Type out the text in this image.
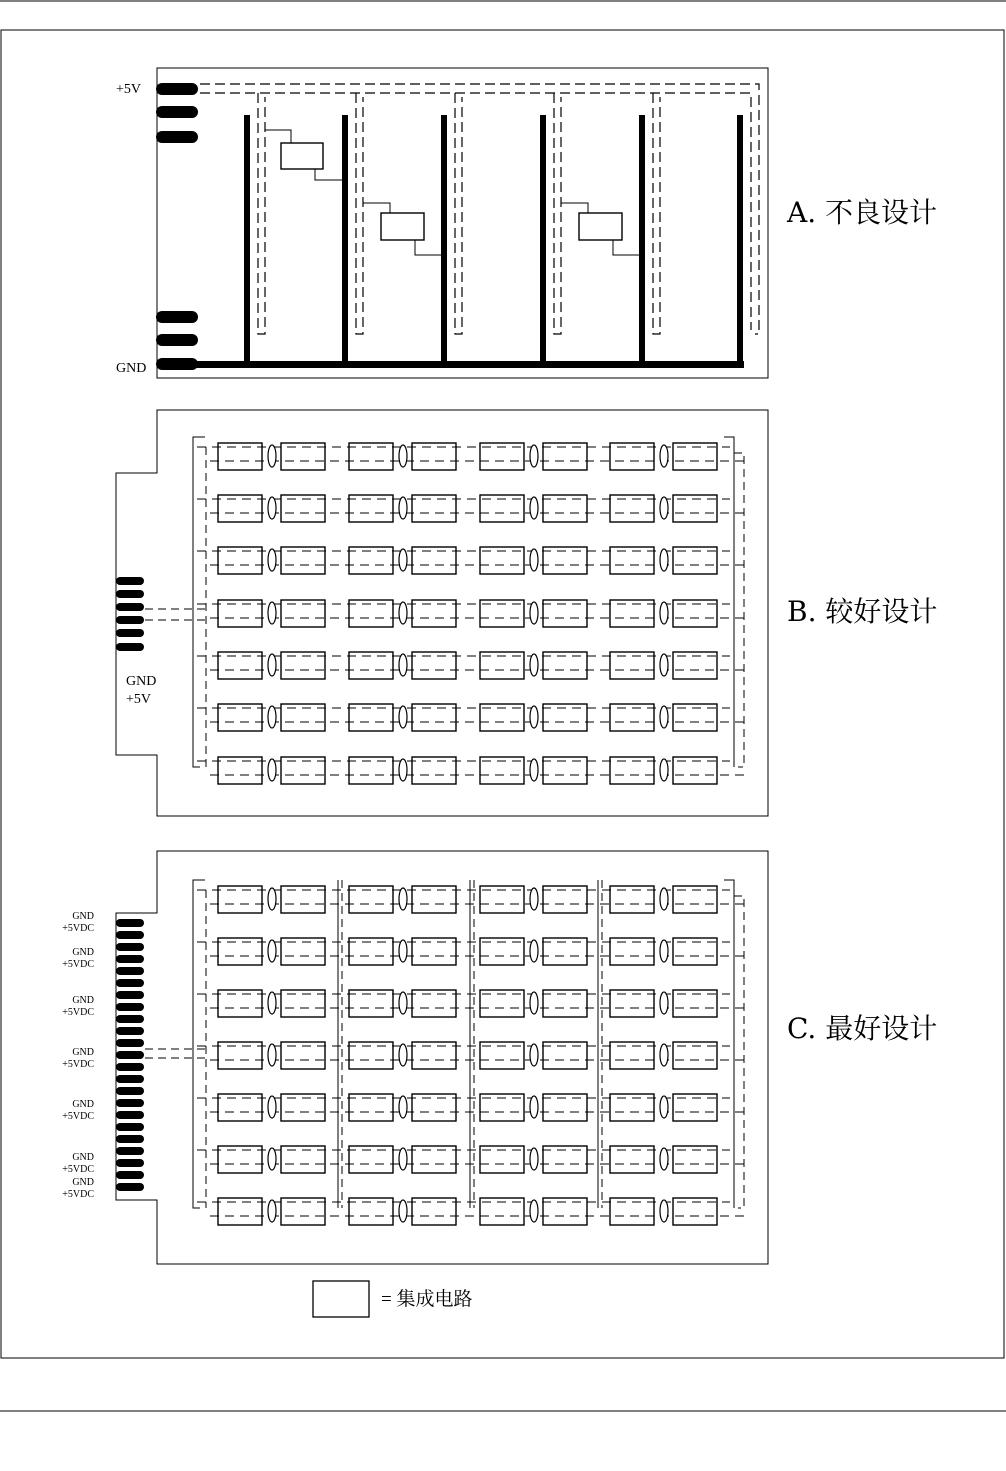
+5V
GND
A. 不良设计
GND
+5V
B. 较好设计
GND
+5VDC
GND
+5VDC
GND
+5VDC
GND
+5VDC
GND
+5VDC
GND
+5VDC
GND
+5VDC
C. 最好设计
= 集成电路
